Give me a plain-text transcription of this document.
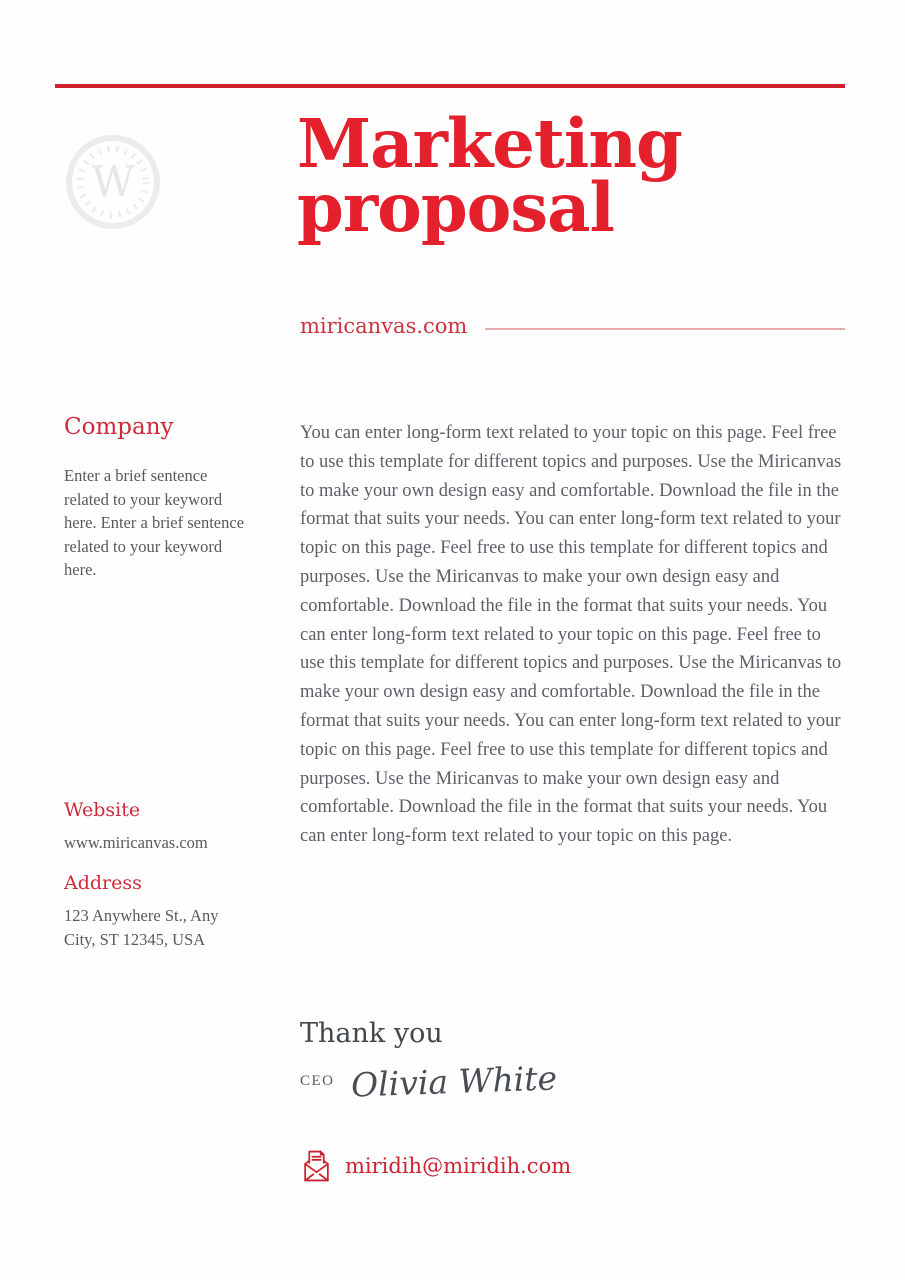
W Marketing
proposal
miricanvas.com
Company

Enter a brief sentence related to your keyword here. Enter a brief sentence related to your keyword here.

Website

www.miricanvas.com

Address

123 Anywhere St., Any City, ST 12345, USA

You can enter long-form text related to your topic on this page. Feel free to use this template for different topics and purposes. Use the Miricanvas to make your own design easy and comfortable. Download the file in the format that suits your needs. You can enter long-form text related to your topic on this page. Feel free to use this template for different topics and purposes. Use the Miricanvas to make your own design easy and comfortable. Download the file in the format that suits your needs. You can enter long-form text related to your topic on this page. Feel free to use this template for different topics and purposes. Use the Miricanvas to make your own design easy and comfortable. Download the file in the format that suits your needs. You can enter long-form text related to your topic on this page. Feel free to use this template for different topics and purposes. Use the Miricanvas to make your own design easy and comfortable. Download the file in the format that suits your needs. You can enter long-form text related to your topic on this page.

Thank you
CEO Olivia White
miridih@miridih.com
